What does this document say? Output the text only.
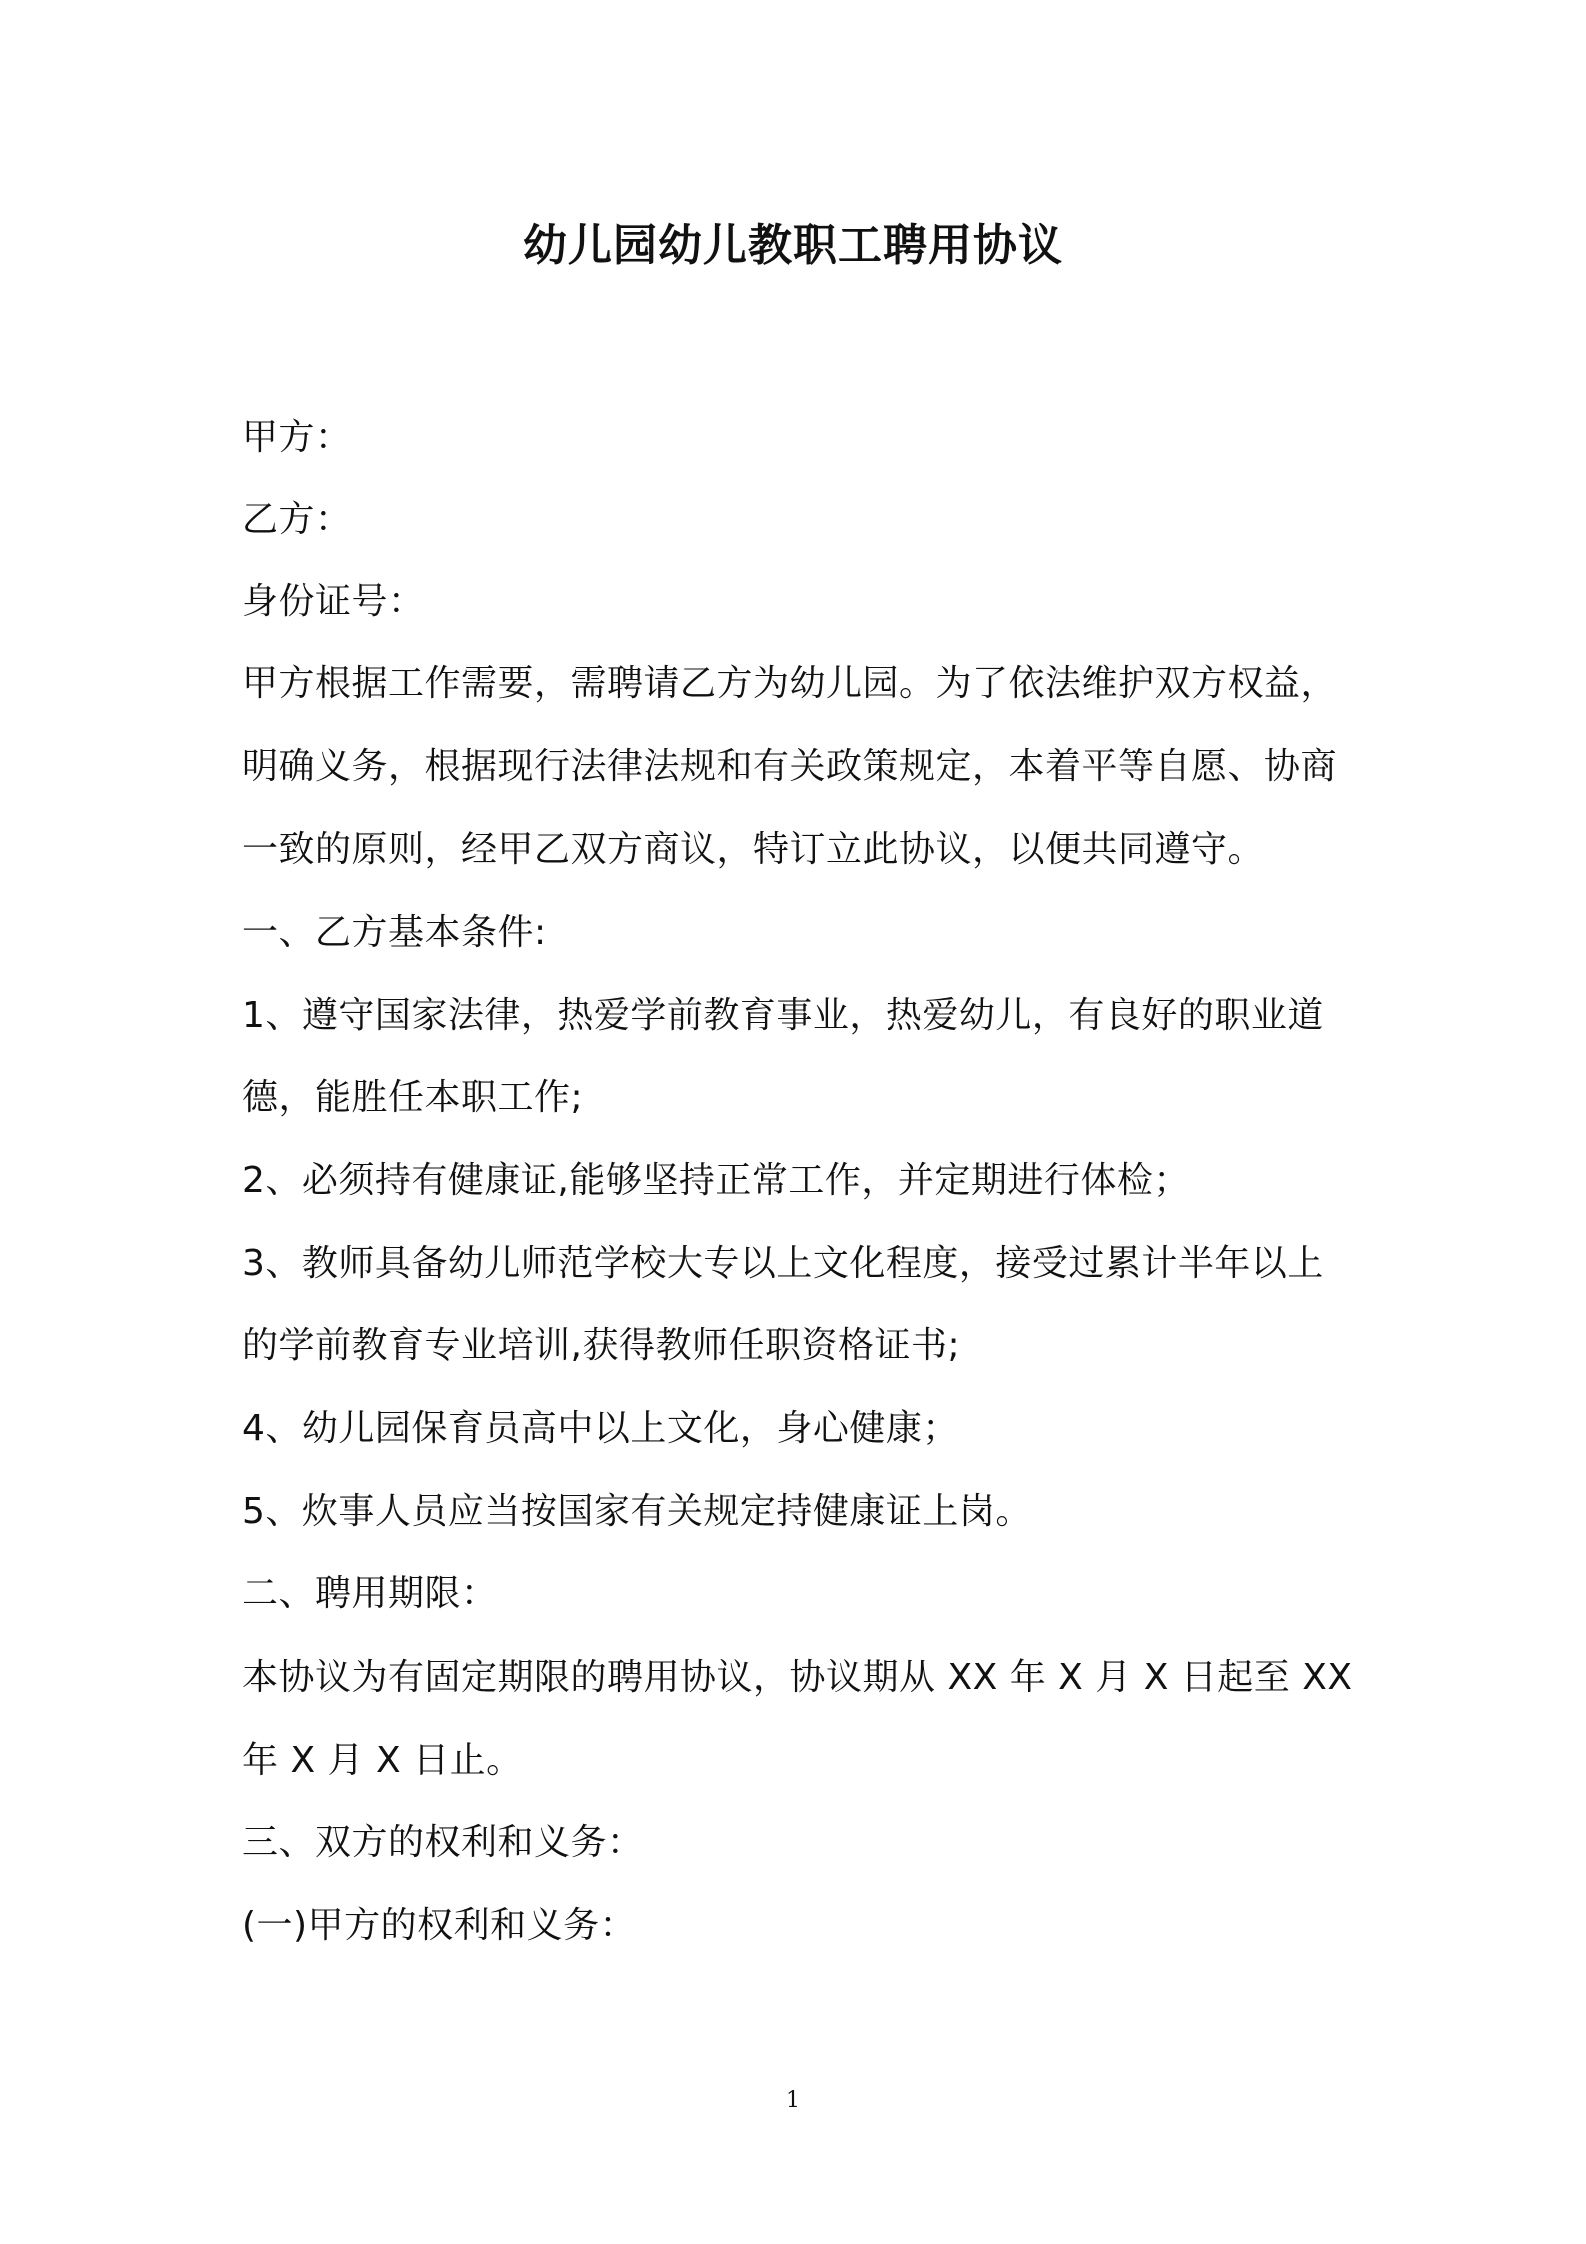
幼儿园幼儿教职工聘用协议

甲方：

乙方：

身份证号：

甲方根据工作需要，需聘请乙方为幼儿园。为了依法维护双方权益，

明确义务，根据现行法律法规和有关政策规定，本着平等自愿、协商

一致的原则，经甲乙双方商议，特订立此协议，以便共同遵守。

一、乙方基本条件:

1、遵守国家法律，热爱学前教育事业，热爱幼儿，有良好的职业道

德，能胜任本职工作;

2、必须持有健康证,能够坚持正常工作，并定期进行体检；

3、教师具备幼儿师范学校大专以上文化程度，接受过累计半年以上

的学前教育专业培训,获得教师任职资格证书;

4、幼儿园保育员高中以上文化，身心健康；

5、炊事人员应当按国家有关规定持健康证上岗。

二、聘用期限：

本协议为有固定期限的聘用协议，协议期从 XX 年 X 月 X 日起至 XX

年 X 月 X 日止。

三、双方的权利和义务：

(一)甲方的权利和义务：

1
